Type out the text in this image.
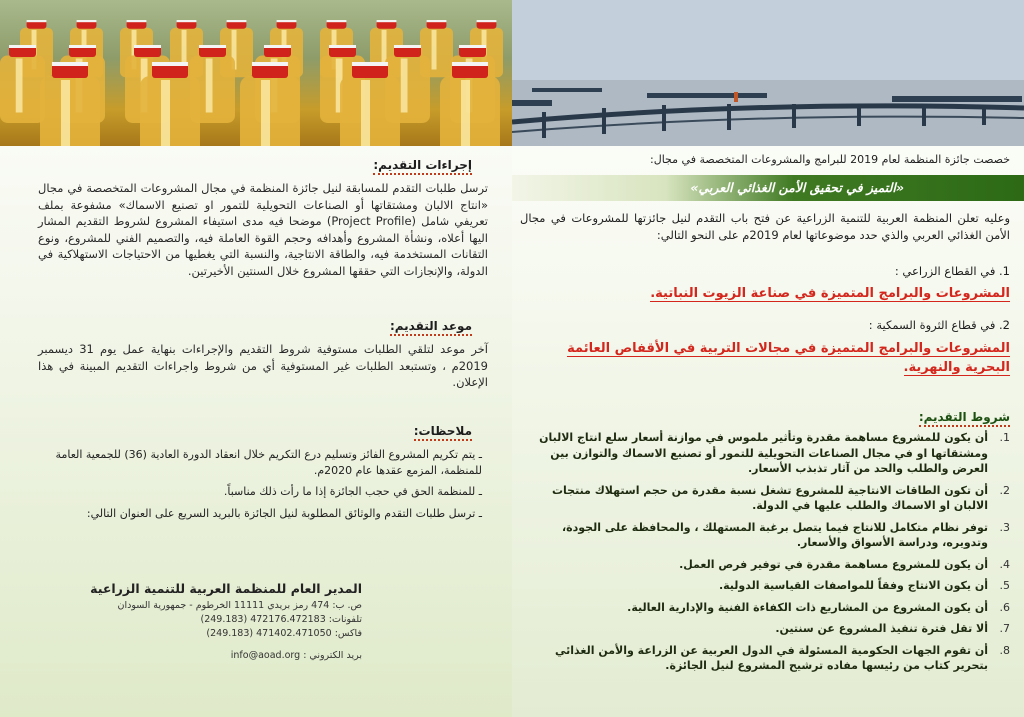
إجراءات التقديم:
ترسل طلبات التقدم للمسابقة لنيل جائزة المنظمة في مجال المشروعات المتخصصة في مجال «انتاج الالبان ومشتقاتها أو الصناعات التحويلية للتمور او تصنيع الاسماك» مشفوعة بملف تعريفي شامل (Project Profile) موضحا فيه مدى استيفاء المشروع لشروط التقديم المشار اليها أعلاه، ونشأة المشروع وأهدافه وحجم القوة العاملة فيه، والتصميم الفني للمشروع، ونوع التقانات المستخدمة فيه، والطاقة الانتاجية، والنسبة التي يغطيها من الاحتياجات الاستهلاكية في الدولة، والإنجازات التي حققها المشروع خلال السنتين الأخيرتين.
موعد التقديم:
آخر موعد لتلقي الطلبات مستوفية شروط التقديم والإجراءات بنهاية عمل يوم 31 ديسمبر 2019م ، وتستبعد الطلبات غير المستوفية أي من شروط واجراءات التقديم المبينة في هذا الإعلان.
ملاحظات:
ـ يتم تكريم المشروع الفائز وتسليم درع التكريم خلال انعقاد الدورة العادية (36) للجمعية العامة للمنظمة، المزمع عقدها عام 2020م.
ـ للمنظمة الحق في حجب الجائزة إذا ما رأت ذلك مناسباً.
ـ ترسل طلبات التقدم والوثائق المطلوبة لنيل الجائزة بالبريد السريع على العنوان التالي:
المدير العام للمنظمة العربية للتنمية الزراعية
ص. ب: 474 رمز بريدي 11111 الخرطوم - جمهورية السودان
تلفونات: 472176.472183 (249.183)
فاكس: 471402.471050 (249.183)
بريد الكتروني : info@aoad.org
خصصت جائزة المنظمة لعام 2019 للبرامج والمشروعات المتخصصة في مجال:
«التميز في تحقيق الأمن الغذائي العربي»
وعليه تعلن المنظمة العربية للتنمية الزراعية عن فتح باب التقدم لنيل جائزتها للمشروعات في مجال الأمن الغذائي العربي والذي حدد موضوعاتها لعام 2019م على النحو التالي:
1. في القطاع الزراعي :
المشروعات والبرامج المتميزة في صناعة الزيوت النباتية.
2. في قطاع الثروة السمكية :
المشروعات والبرامج المتميزة في مجالات التربية في الأقفاص العائمة البحرية والنهرية.
شروط التقديم:
1.
أن يكون للمشروع مساهمة مقدرة وتأثير ملموس في موازنة أسعار سلع انتاج الالبان ومشتقاتها او في مجال الصناعات التحويلية للتمور أو تصنيع الاسماك والتوازن بين العرض والطلب والحد من آثار تذبذب الأسعار.
2.
أن تكون الطاقات الانتاجية للمشروع تشغل نسبة مقدرة من حجم استهلاك منتجات الالبان او الاسماك والطلب عليها في الدولة.
3.
توفر نظام متكامل للانتاج فيما يتصل برغبة المستهلك ، والمحافظة على الجودة، وتدويره، ودراسة الأسواق والأسعار.
4.
أن يكون للمشروع مساهمة مقدرة في توفير فرص العمل.
5.
أن يكون الانتاج وفقاً للمواصفات القياسية الدولية.
6.
أن يكون المشروع من المشاريع ذات الكفاءة الفنية والإدارية العالية.
7.
ألا تقل فترة تنفيذ المشروع عن سنتين.
8.
أن تقوم الجهات الحكومية المسئولة في الدول العربية عن الزراعة والأمن الغذائي بتحرير كتاب من رئيسها مفاده ترشيح المشروع لنيل الجائزة.
